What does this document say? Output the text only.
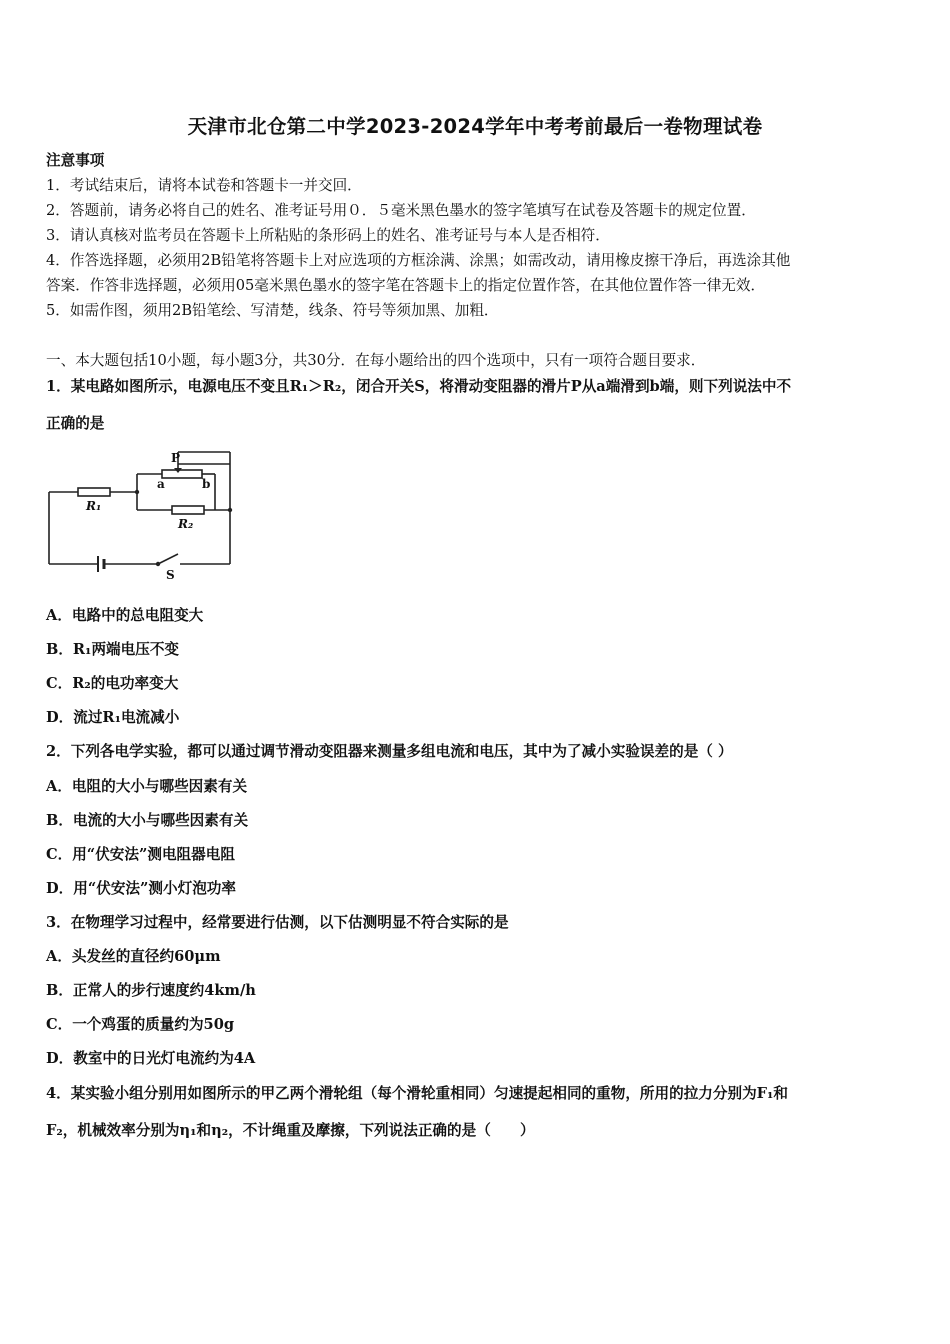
天津市北仓第二中学2023-2024学年中考考前最后一卷物理试卷
注意事项
1．考试结束后，请将本试卷和答题卡一并交回．
2．答题前，请务必将自己的姓名、准考证号用０．５毫米黑色墨水的签字笔填写在试卷及答题卡的规定位置．
3．请认真核对监考员在答题卡上所粘贴的条形码上的姓名、准考证号与本人是否相符．
4．作答选择题，必须用2B铅笔将答题卡上对应选项的方框涂满、涂黑；如需改动，请用橡皮擦干净后，再选涂其他
答案．作答非选择题，必须用05毫米黑色墨水的签字笔在答题卡上的指定位置作答，在其他位置作答一律无效．
5．如需作图，须用2B铅笔绘、写清楚，线条、符号等须加黑、加粗．
一、本大题包括10小题，每小题3分，共30分．在每小题给出的四个选项中，只有一项符合题目要求．
1．某电路如图所示，电源电压不变且R₁＞R₂，闭合开关S，将滑动变阻器的滑片P从a端滑到b端，则下列说法中不
正确的是
P
a	b
R₁
R₂
S
A．电路中的总电阻变大
B．R₁两端电压不变
C．R₂的电功率变大
D．流过R₁电流减小
2．下列各电学实验，都可以通过调节滑动变阻器来测量多组电流和电压，其中为了减小实验误差的是（ ）
A．电阻的大小与哪些因素有关
B．电流的大小与哪些因素有关
C．用“伏安法”测电阻器电阻
D．用“伏安法”测小灯泡功率
3．在物理学习过程中，经常要进行估测，以下估测明显不符合实际的是
A．头发丝的直径约60μm
B．正常人的步行速度约4km/h
C．一个鸡蛋的质量约为50g
D．教室中的日光灯电流约为4A
4．某实验小组分别用如图所示的甲乙两个滑轮组（每个滑轮重相同）匀速提起相同的重物，所用的拉力分别为F₁和
F₂，机械效率分别为η₁和η₂，不计绳重及摩擦，下列说法正确的是（　　）
